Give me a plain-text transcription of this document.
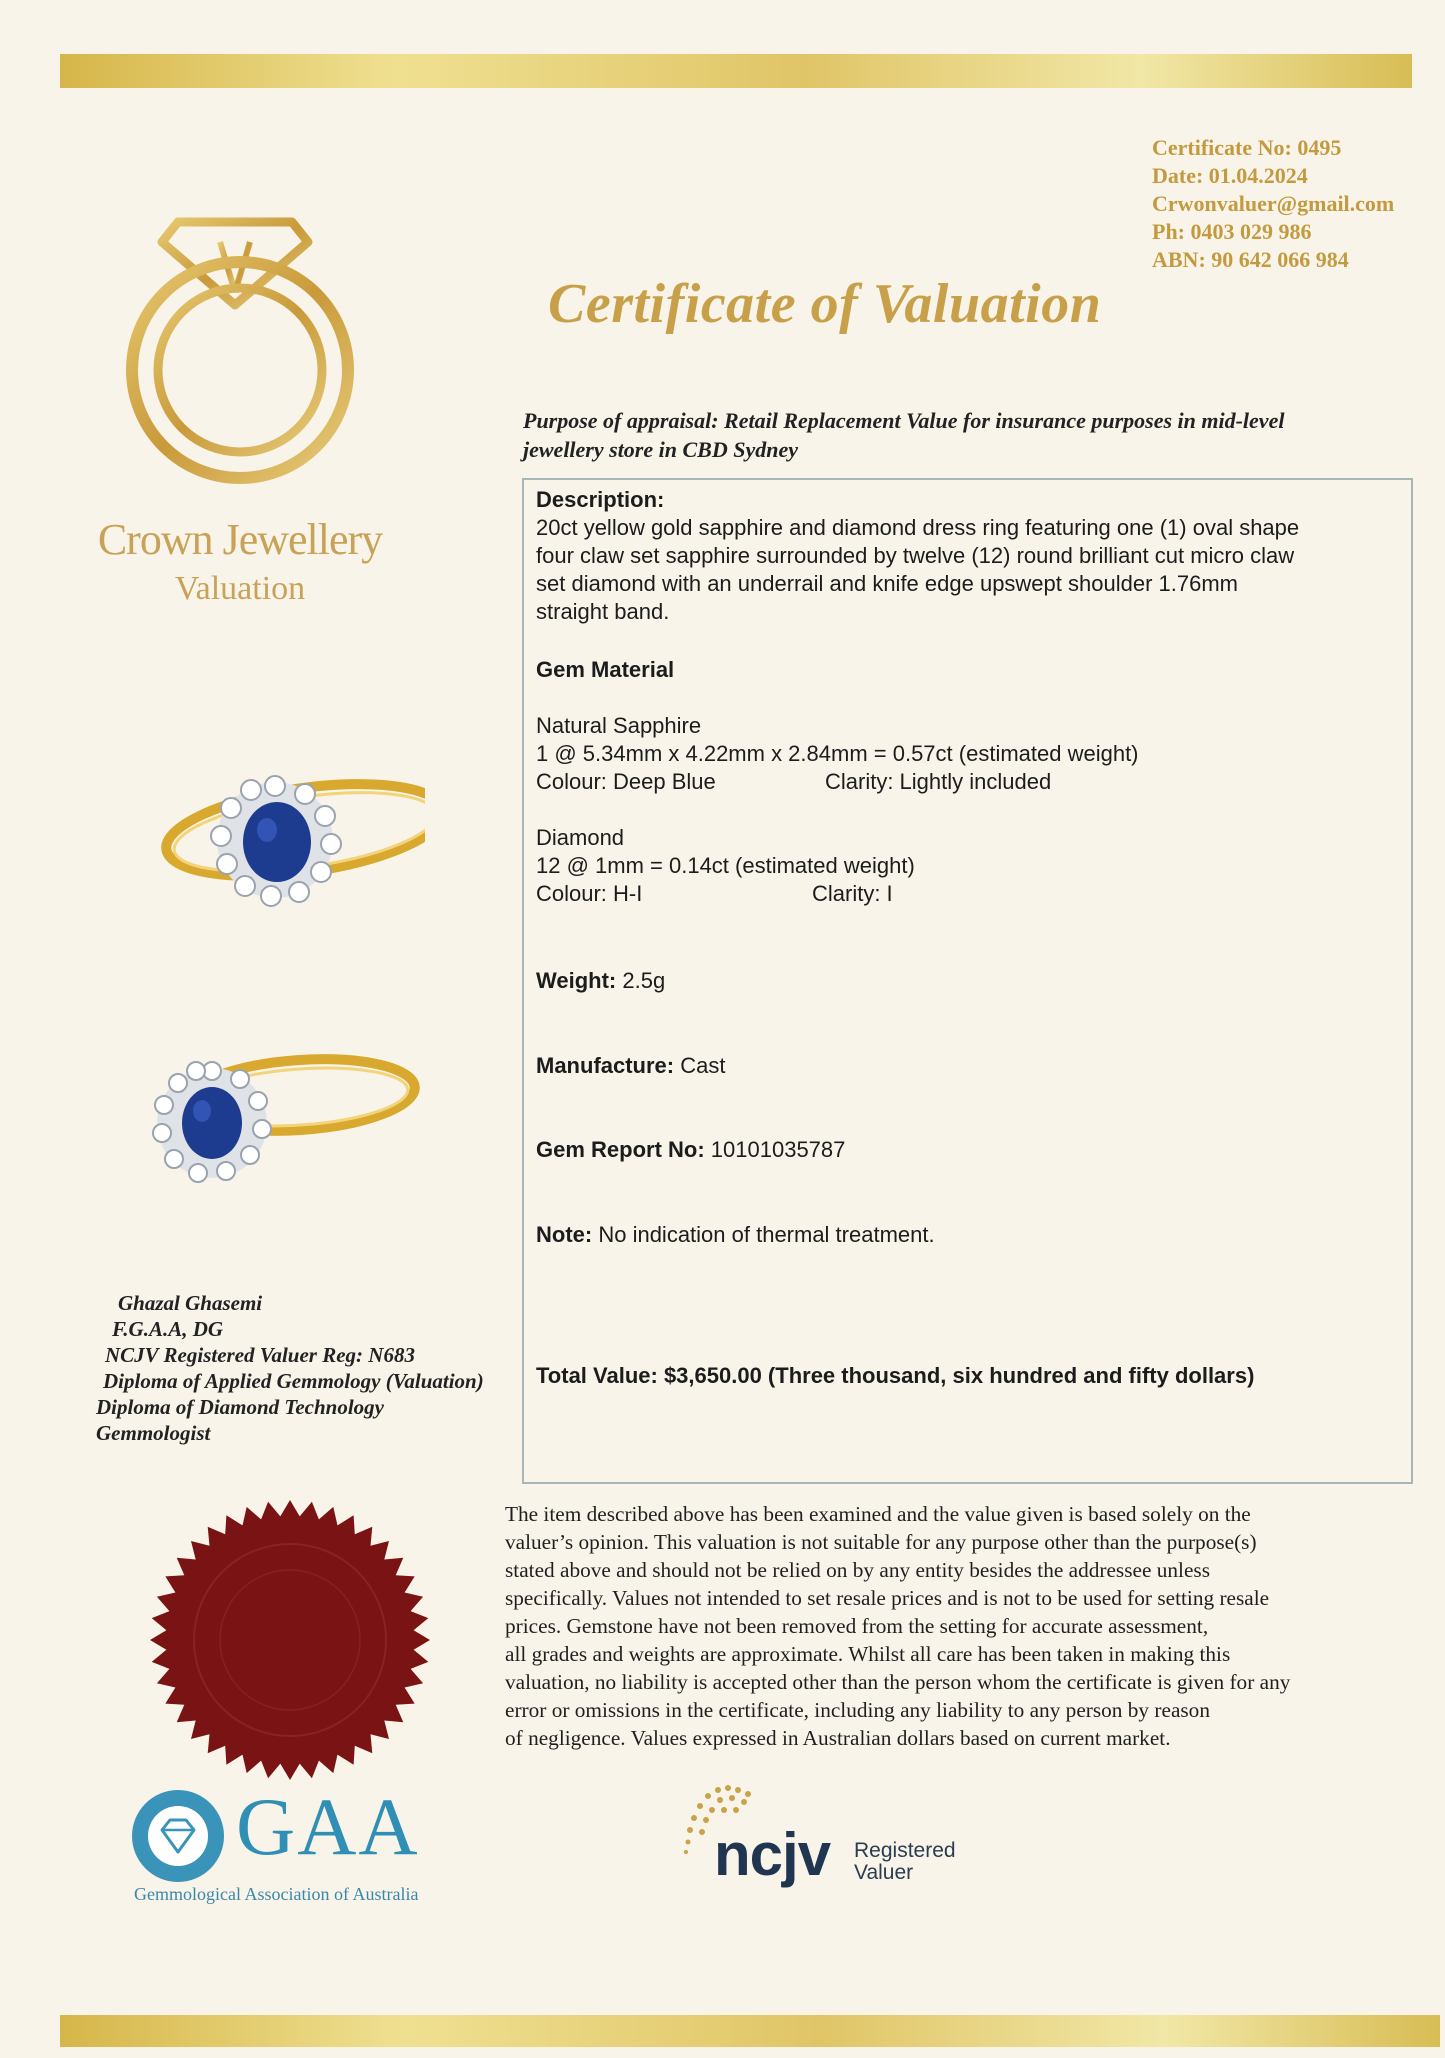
Certificate No: 0495
Date: 01.04.2024
Crwonvaluer@gmail.com
Ph: 0403 029 986
ABN: 90 642 066 984
Crown Jewellery
Valuation
Certificate of Valuation
Purpose of appraisal: Retail Replacement Value for insurance purposes in mid-level
jewellery store in CBD Sydney
Description:
20ct yellow gold sapphire and diamond dress ring featuring one (1) oval shape
four claw set sapphire surrounded by twelve (12) round brilliant cut micro claw
set diamond with an underrail and knife edge upswept shoulder 1.76mm
straight band.
Gem Material
Natural Sapphire
1 @ 5.34mm x 4.22mm x 2.84mm = 0.57ct (estimated weight)
Colour: Deep Blue	Clarity: Lightly included
Diamond
12 @ 1mm = 0.14ct (estimated weight)
Colour: H-I	Clarity: I
Weight: 2.5g
Manufacture: Cast
Gem Report No: 10101035787
Note: No indication of thermal treatment.
Total Value: $3,650.00 (Three thousand, six hundred and fifty dollars)
Ghazal Ghasemi
F.G.A.A, DG
NCJV Registered Valuer Reg: N683
Diploma of Applied Gemmology (Valuation)
Diploma of Diamond Technology
Gemmologist

The item described above has been examined and the value given is based solely on the

valuer’s opinion. This valuation is not suitable for any purpose other than the purpose(s)

stated above and should not be relied on by any entity besides the addressee unless

specifically. Values not intended to set resale prices and is not to be used for setting resale

prices. Gemstone have not been removed from the setting for accurate assessment,

all grades and weights are approximate. Whilst all care has been taken in making this

valuation, no liability is accepted other than the person whom the certificate is given for any

error or omissions in the certificate, including any liability to any person by reason

of negligence. Values expressed in Australian dollars based on current market.

GAA
Gemmological Association of Australia
ncjv Registered
Valuer
